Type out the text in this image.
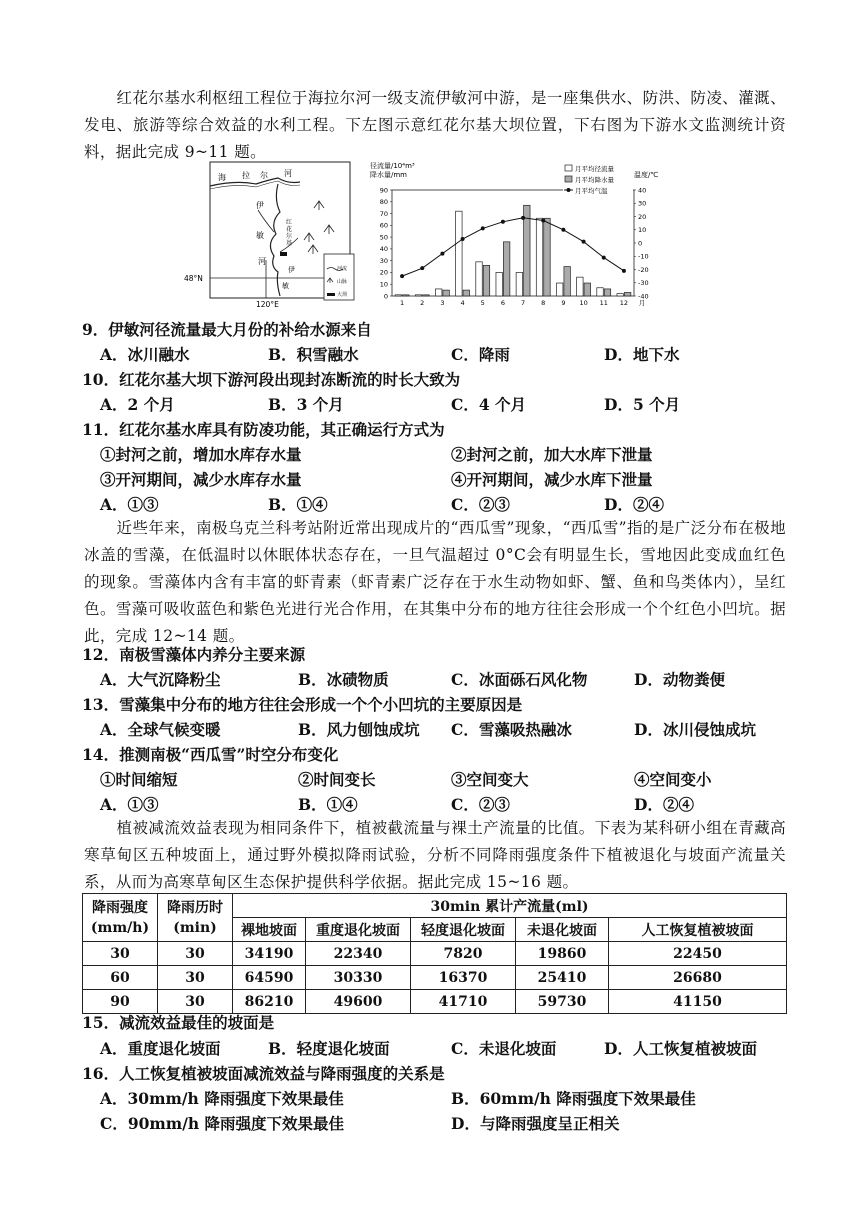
红花尔基水利枢纽工程位于海拉尔河一级支流伊敏河中游，是一座集供水、防洪、防凌、灌溉、发电、旅游等综合效益的水利工程。下左图示意红花尔基大坝位置，下右图为下游水文监测统计资料，据此完成 9~11 题。
河流
山脉
大坝
海 拉 尔 河
伊
敏
河
红
花
尔
基
伊
敏
48°N
120°E
径流量/10⁴m³
降水量/mm	温度/℃
0
10
20
30
40
50
60
70
80
90	40
30
20
10
0
-10
-20
-30
-40
1 2 3 4 5 6 7 8 9 10 11 12 月
月平均径流量
月平均降水量
月平均气温
9．伊敏河径流量最大月份的补给水源来自
A．冰川融水	B．积雪融水	C．降雨	D．地下水
10．红花尔基大坝下游河段出现封冻断流的时长大致为
A．2 个月	B．3 个月	C．4 个月	D．5 个月
11．红花尔基水库具有防凌功能，其正确运行方式为
①封河之前，增加水库存水量	②封河之前，加大水库下泄量
③开河期间，减少水库存水量	④开河期间，减少水库下泄量
A．①③	B．①④	C．②③	D．②④
近些年来，南极乌克兰科考站附近常出现成片的“西瓜雪”现象，“西瓜雪”指的是广泛分布在极地冰盖的雪藻，在低温时以休眠体状态存在，一旦气温超过 0°C会有明显生长，雪地因此变成血红色的现象。雪藻体内含有丰富的虾青素（虾青素广泛存在于水生动物如虾、蟹、鱼和鸟类体内），呈红色。雪藻可吸收蓝色和紫色光进行光合作用，在其集中分布的地方往往会形成一个个红色小凹坑。据此，完成 12~14 题。
12．南极雪藻体内养分主要来源
A．大气沉降粉尘	B．冰碛物质	C．冰面砾石风化物	D．动物粪便
13．雪藻集中分布的地方往往会形成一个个小凹坑的主要原因是
A．全球气候变暖	B．风力刨蚀成坑 C．雪藻吸热融冰	D．冰川侵蚀成坑
14．推测南极“西瓜雪”时空分布变化
①时间缩短	②时间变长	③空间变大	④空间变小
A．①③	B．①④	C．②③	D．②④
植被减流效益表现为相同条件下，植被截流量与裸土产流量的比值。下表为某科研小组在青藏高寒草甸区五种坡面上，通过野外模拟降雨试验，分析不同降雨强度条件下植被退化与坡面产流量关系，从而为高寒草甸区生态保护提供科学依据。据此完成 15~16 题。
降雨强度
(mm/h)	降雨历时
(min)	30min 累计产流量(ml)				
		裸地坡面	重度退化坡面	轻度退化坡面	未退化坡面	人工恢复植被坡面
30	30	34190	22340	7820	19860	22450
60	30	64590	30330	16370	25410	26680
90	30	86210	49600	41710	59730	41150
15．减流效益最佳的坡面是
A．重度退化坡面	B．轻度退化坡面	C．未退化坡面	D．人工恢复植被坡面
16．人工恢复植被坡面减流效益与降雨强度的关系是
A．30mm/h 降雨强度下效果最佳	B．60mm/h 降雨强度下效果最佳
C．90mm/h 降雨强度下效果最佳	D．与降雨强度呈正相关
